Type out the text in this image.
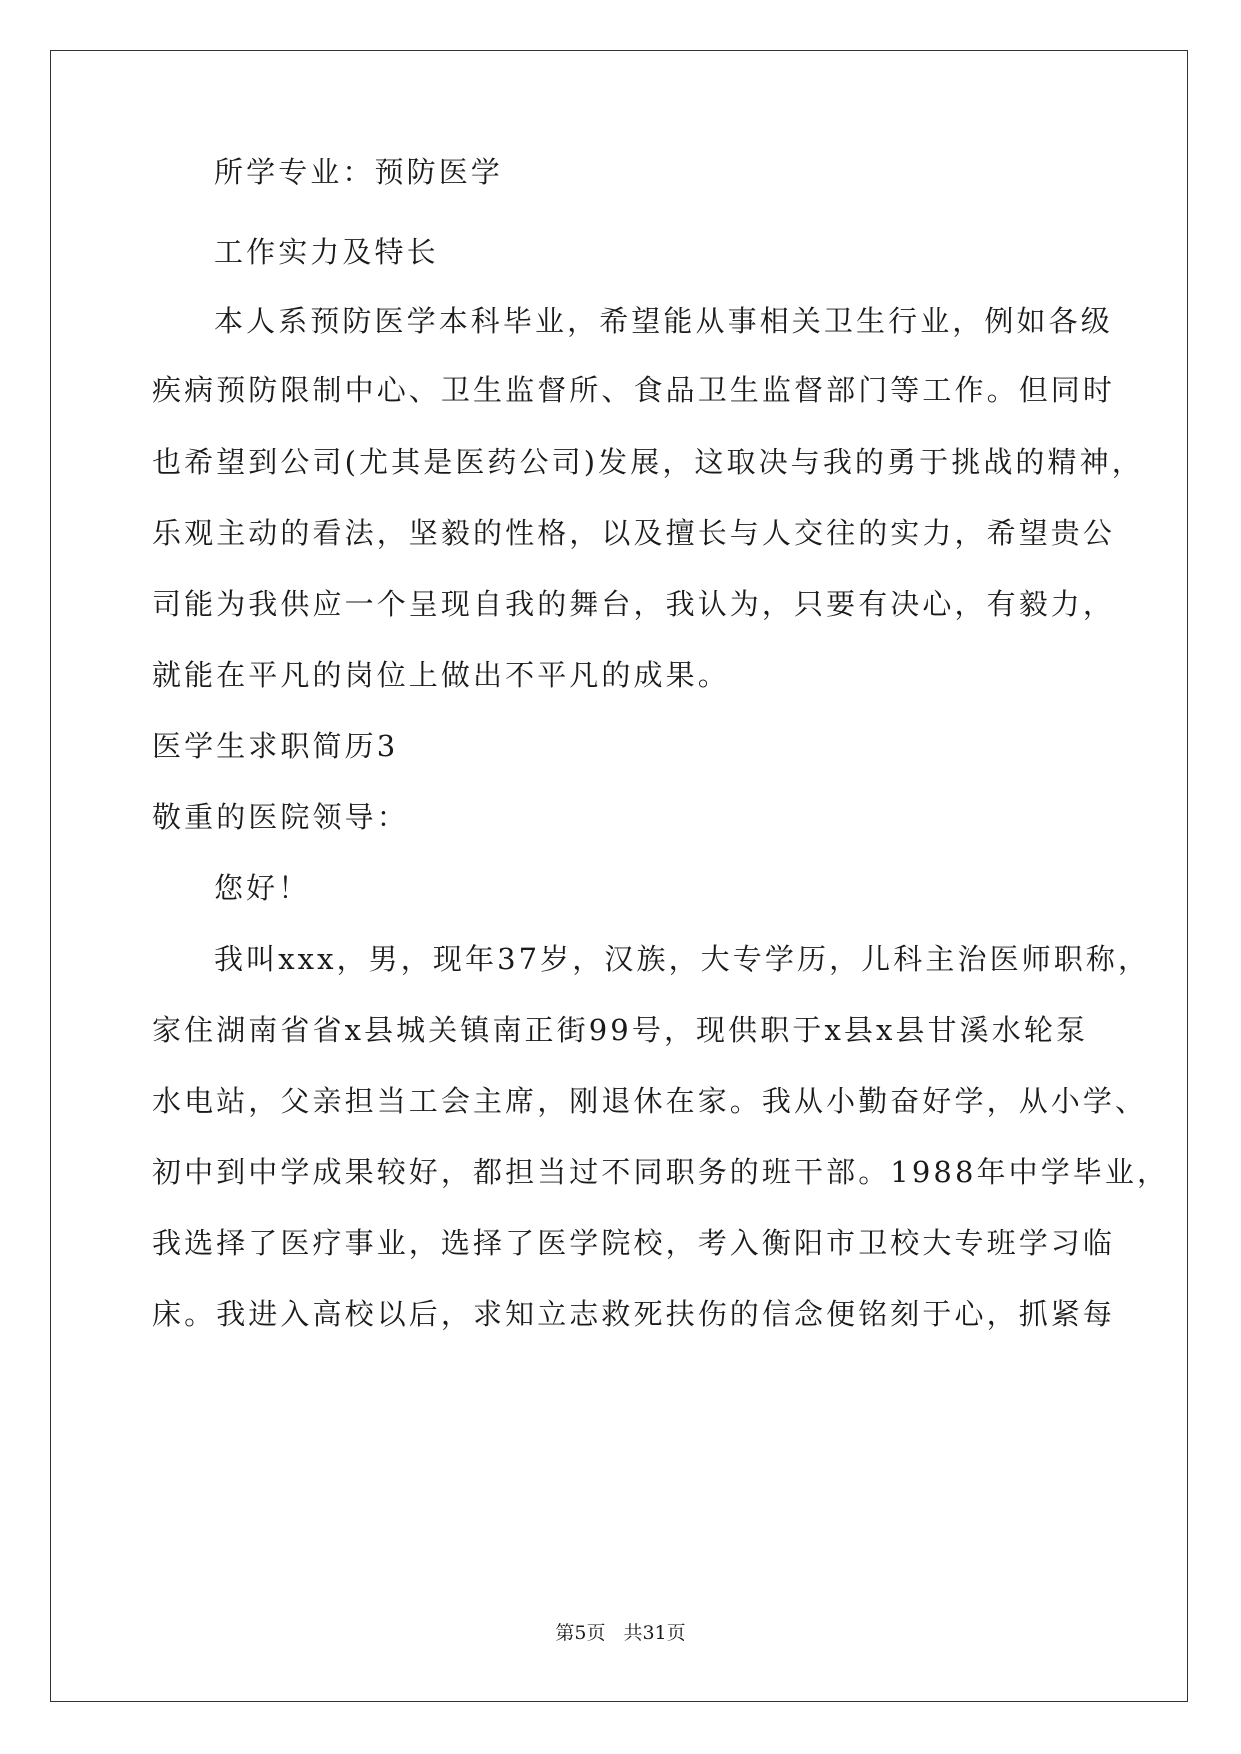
所学专业：预防医学
工作实力及特长
本人系预防医学本科毕业，希望能从事相关卫生行业，例如各级
疾病预防限制中心、卫生监督所、食品卫生监督部门等工作。但同时
也希望到公司(尤其是医药公司)发展，这取决与我的勇于挑战的精神，
乐观主动的看法，坚毅的性格，以及擅长与人交往的实力，希望贵公
司能为我供应一个呈现自我的舞台，我认为，只要有决心，有毅力，
就能在平凡的岗位上做出不平凡的成果。
医学生求职简历3
敬重的医院领导：
您好！
我叫xxx，男，现年37岁，汉族，大专学历，儿科主治医师职称，
家住湖南省省x县城关镇南正街99号，现供职于x县x县甘溪水轮泵
水电站，父亲担当工会主席，刚退休在家。我从小勤奋好学，从小学、
初中到中学成果较好，都担当过不同职务的班干部。1988年中学毕业，
我选择了医疗事业，选择了医学院校，考入衡阳市卫校大专班学习临
床。我进入高校以后，求知立志救死扶伤的信念便铭刻于心，抓紧每
第5页 共31页
